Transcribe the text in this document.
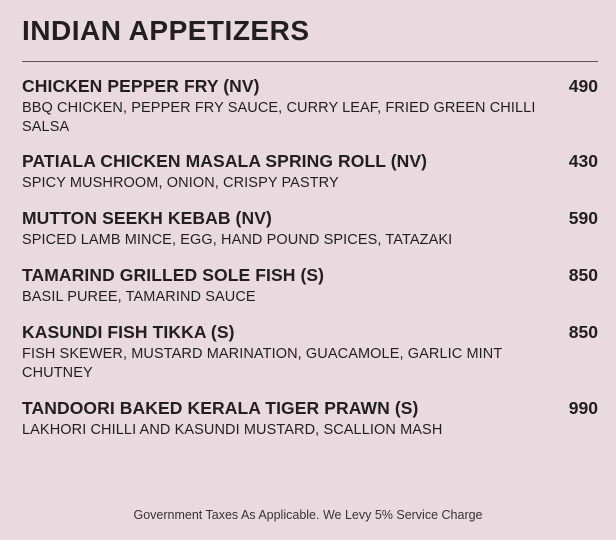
INDIAN APPETIZERS
CHICKEN PEPPER FRY (NV)	490
BBQ CHICKEN, PEPPER FRY SAUCE, CURRY LEAF, FRIED GREEN CHILLI SALSA
PATIALA CHICKEN MASALA SPRING ROLL (NV)	430
SPICY MUSHROOM, ONION, CRISPY PASTRY
MUTTON SEEKH KEBAB (NV)	590
SPICED LAMB MINCE, EGG, HAND POUND SPICES, TATAZAKI
TAMARIND GRILLED SOLE FISH (S)	850
BASIL PUREE, TAMARIND SAUCE
KASUNDI FISH TIKKA (S)	850
FISH SKEWER, MUSTARD MARINATION, GUACAMOLE, GARLIC MINT CHUTNEY
TANDOORI BAKED KERALA TIGER PRAWN (S)	990
LAKHORI CHILLI AND KASUNDI MUSTARD, SCALLION MASH
Government Taxes As Applicable. We Levy 5% Service Charge
